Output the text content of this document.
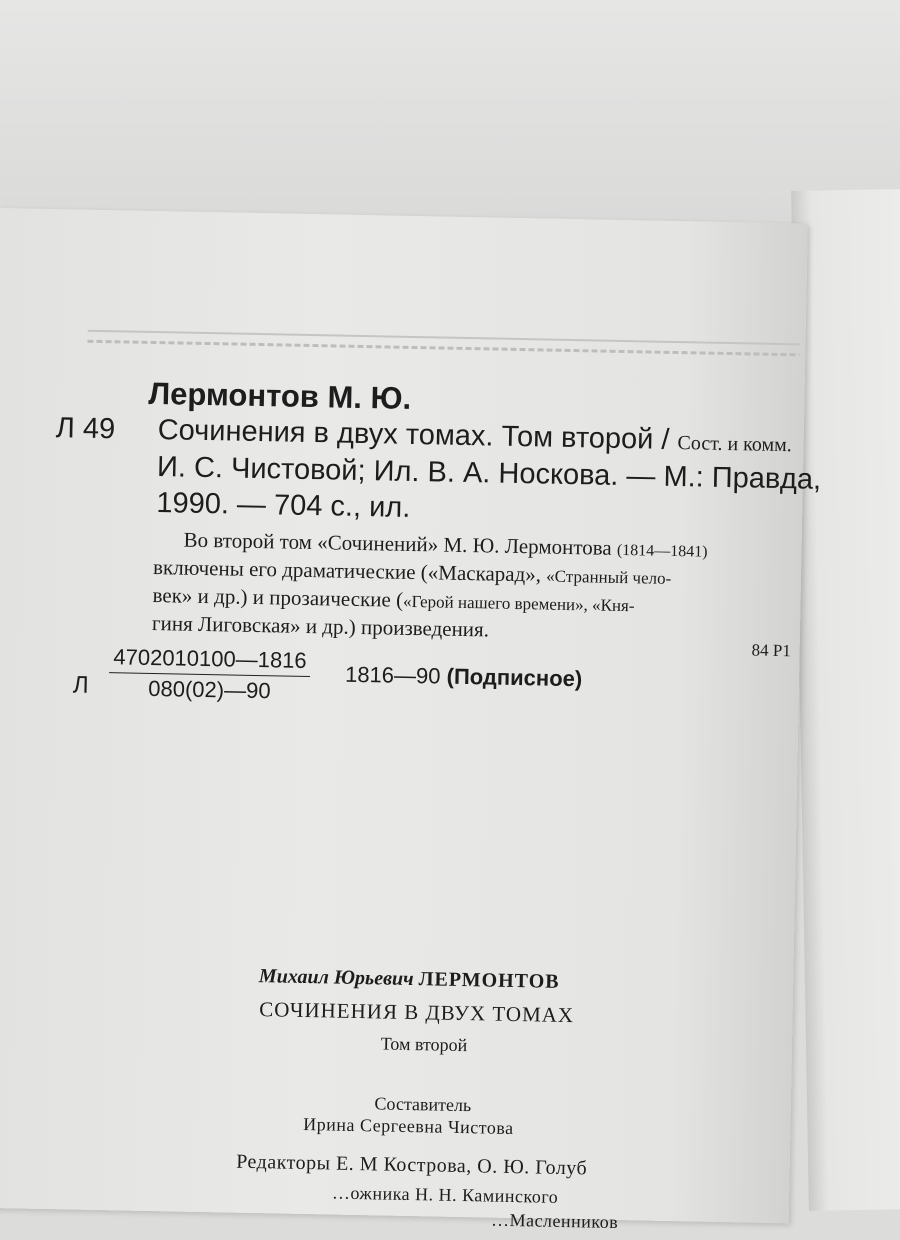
Лермонтов М. Ю.
Л 49 Сочинения в двух томах. Том второй / Сост. и комм.
И. С. Чистовой; Ил. В. А. Носкова. — М.: Правда,
1990. — 704 с., ил.
Во второй том «Сочинений» М. Ю. Лермонтова (1814—1841)
включены его драматические («Маскарад», «Странный чело-
век» и др.) и прозаические («Герой нашего времени», «Кня-
гиня Лиговская» и др.) произведения.
84 Р1
Л $\frac{4702010100—1816}{080(02)—90}$ 1816—90 (Подписное)
Михаил Юрьевич ЛЕРМОНТОВ
СОЧИНЕНИЯ В ДВУХ ТОМАХ
Том второй
Составитель
Ирина Сергеевна Чистова
Редакторы Е. М Кострова, О. Ю. Голуб
…ожника Н. Н. Каминского
…Масленников
